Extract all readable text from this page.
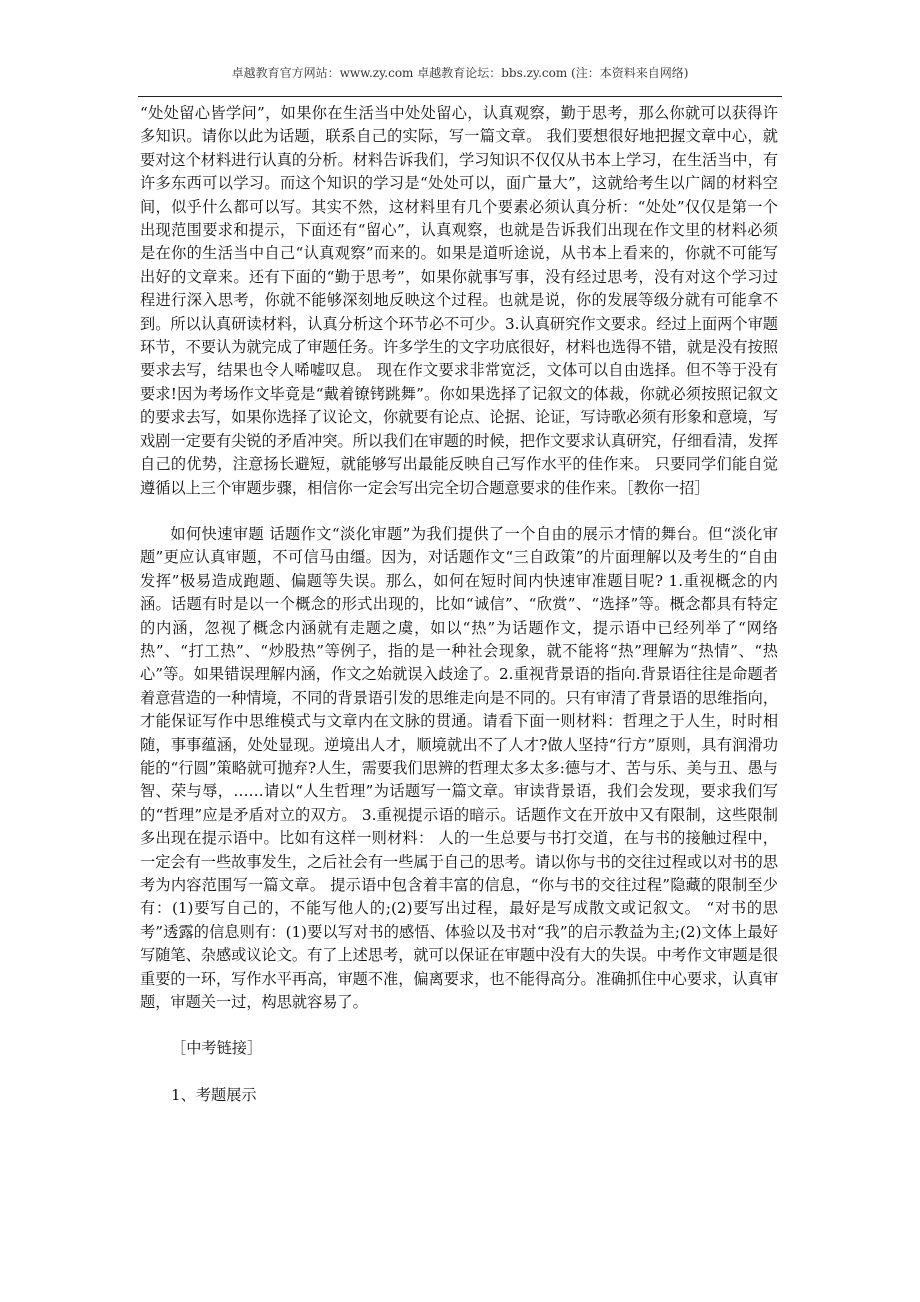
卓越教育官方网站：www.zy.com 卓越教育论坛：bbs.zy.com (注：本资料来自网络)

“处处留心皆学问”，如果你在生活当中处处留心，认真观察，勤于思考，那么你就可以获得许多知识。请你以此为话题，联系自己的实际，写一篇文章。 我们要想很好地把握文章中心，就要对这个材料进行认真的分析。材料告诉我们，学习知识不仅仅从书本上学习，在生活当中，有许多东西可以学习。而这个知识的学习是“处处可以，面广量大”，这就给考生以广阔的材料空间，似乎什么都可以写。其实不然，这材料里有几个要素必须认真分析：“处处”仅仅是第一个出现范围要求和提示，下面还有“留心”，认真观察，也就是告诉我们出现在作文里的材料必须是在你的生活当中自己“认真观察”而来的。如果是道听途说，从书本上看来的，你就不可能写出好的文章来。还有下面的“勤于思考”，如果你就事写事，没有经过思考，没有对这个学习过程进行深入思考，你就不能够深刻地反映这个过程。也就是说，你的发展等级分就有可能拿不到。所以认真研读材料，认真分析这个环节必不可少。3.认真研究作文要求。经过上面两个审题环节，不要认为就完成了审题任务。许多学生的文字功底很好，材料也选得不错，就是没有按照要求去写，结果也令人唏嘘叹息。 现在作文要求非常宽泛，文体可以自由选择。但不等于没有要求!因为考场作文毕竟是“戴着镣铐跳舞”。你如果选择了记叙文的体裁，你就必须按照记叙文的要求去写，如果你选择了议论文，你就要有论点、论据、论证，写诗歌必须有形象和意境，写戏剧一定要有尖锐的矛盾冲突。所以我们在审题的时候，把作文要求认真研究，仔细看清，发挥自己的优势，注意扬长避短，就能够写出最能反映自己写作水平的佳作来。 只要同学们能自觉遵循以上三个审题步骤，相信你一定会写出完全切合题意要求的佳作来。［教你一招］

如何快速审题 话题作文“淡化审题”为我们提供了一个自由的展示才情的舞台。但“淡化审题”更应认真审题，不可信马由缰。因为，对话题作文“三自政策”的片面理解以及考生的“自由发挥”极易造成跑题、偏题等失误。那么，如何在短时间内快速审准题目呢? 1.重视概念的内涵。话题有时是以一个概念的形式出现的，比如“诚信”、“欣赏”、“选择”等。概念都具有特定的内涵，忽视了概念内涵就有走题之虞，如以“热”为话题作文，提示语中已经列举了“网络热”、“打工热”、“炒股热”等例子，指的是一种社会现象，就不能将“热”理解为“热情”、“热心”等。如果错误理解内涵，作文之始就误入歧途了。2.重视背景语的指向.背景语往往是命题者着意营造的一种情境，不同的背景语引发的思维走向是不同的。只有审清了背景语的思维指向，才能保证写作中思维模式与文章内在文脉的贯通。请看下面一则材料：哲理之于人生，时时相随，事事蕴涵，处处显现。逆境出人才，顺境就出不了人才?做人坚持“行方”原则，具有润滑功能的“行圆”策略就可抛弃?人生，需要我们思辨的哲理太多太多:德与才、苦与乐、美与丑、愚与智、荣与辱，……请以“人生哲理”为话题写一篇文章。审读背景语，我们会发现，要求我们写的“哲理”应是矛盾对立的双方。 3.重视提示语的暗示。话题作文在开放中又有限制，这些限制多出现在提示语中。比如有这样一则材料： 人的一生总要与书打交道，在与书的接触过程中，一定会有一些故事发生，之后社会有一些属于自己的思考。请以你与书的交往过程或以对书的思考为内容范围写一篇文章。 提示语中包含着丰富的信息，“你与书的交往过程”隐藏的限制至少有：(1)要写自己的，不能写他人的;(2)要写出过程，最好是写成散文或记叙文。 “对书的思考”透露的信息则有：(1)要以写对书的感悟、体验以及书对“我”的启示教益为主;(2)文体上最好写随笔、杂感或议论文。有了上述思考，就可以保证在审题中没有大的失误。中考作文审题是很重要的一环，写作水平再高，审题不准，偏离要求，也不能得高分。准确抓住中心要求，认真审题，审题关一过，构思就容易了。

［中考链接］

1、考题展示
